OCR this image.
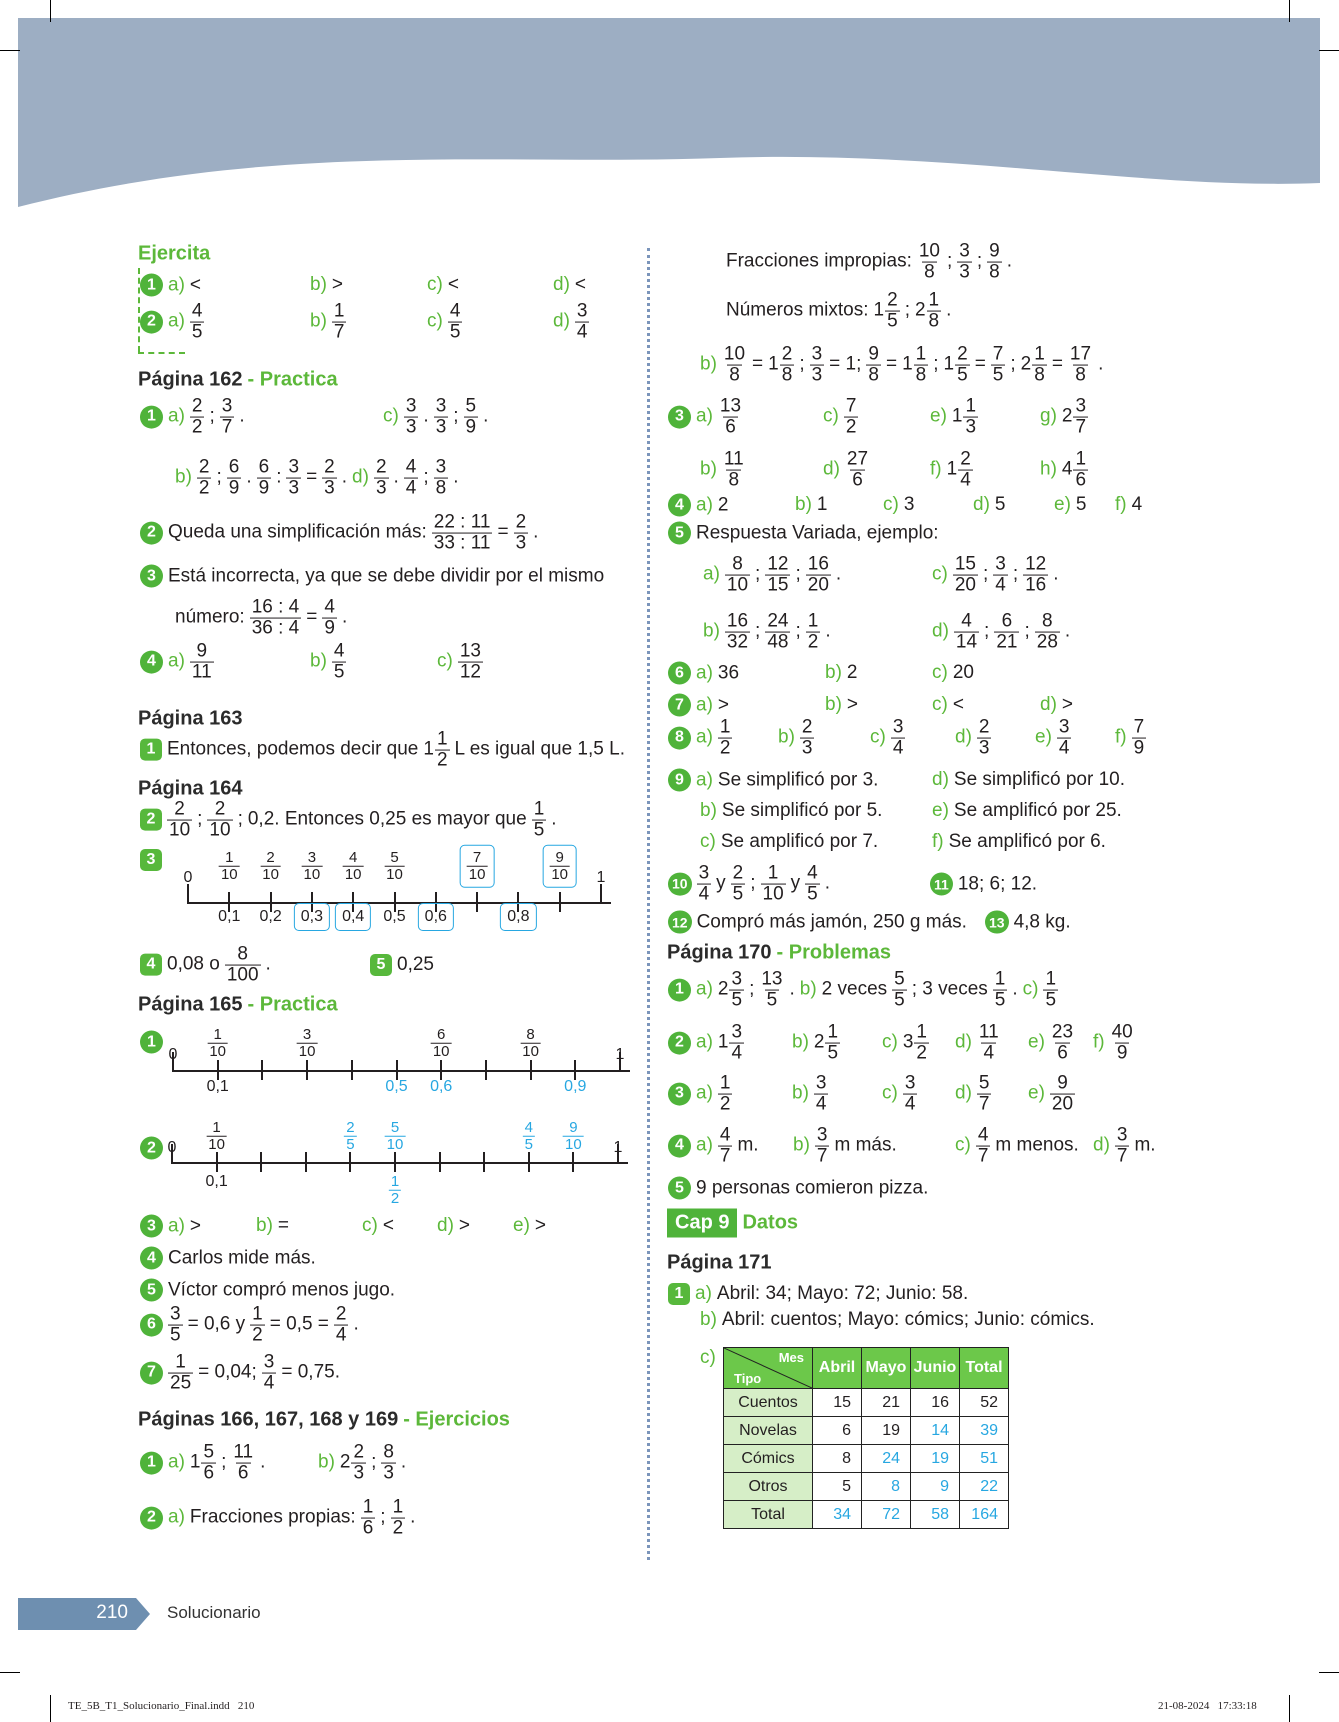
Ejercita
1 a) <	b) >	c) <	d) <
2 $a) \frac{4}{5}$	$b) \frac{1}{7}$	$c) \frac{4}{5}$	$d) \frac{3}{4}$
Página 162 - Practica
1 $a) \frac{2}{2}$ ; $\frac{3}{7}$ .	$c) \frac{3}{3}$ . $\frac{3}{3}$ ; $\frac{5}{9}$ .
$b) \frac{2}{2}$ ; $\frac{6}{9}$ . $\frac{6}{9}$ : $\frac{3}{3} = \frac{2}{3}$ . $d) \frac{2}{3}$ . $\frac{4}{4}$ ; $\frac{3}{8}$ .
2 Queda una simplificación más: $\frac{22 : 11}{33 : 11} = \frac{2}{3}$ .
3 Está incorrecta, ya que se debe dividir por el mismo
número: $\frac{16 : 4}{36 : 4} = \frac{4}{9}$ .
4 $a) \frac{9}{11}$	$b) \frac{4}{5}$	$c) \frac{13}{12}$
Página 163
1 Entonces, podemos decir que $1 \frac{1}{2}$ L es igual que 1,5 L.
Página 164
$2 \frac{2}{10}$ ; $\frac{2}{10}$ ; 0,2. Entonces 0,25 es mayor que $\frac{1}{5}$ .
3
4 0,08 o $\frac{8}{100}$ .	5 0,25
Página 165 - Practica
1
2
3 a) >	b) =	c) < d) > e) >
4 Carlos mide más.
5 Víctor compró menos jugo.
$6 \frac{3}{5} = 0,6$ y $\frac{1}{2} = 0,5 = \frac{2}{4}$ .
$7 \frac{1}{25} = 0,04$; $\frac{3}{4} = 0,75$.
Páginas 166, 167, 168 y 169 - Ejercicios
1 a) $1 \frac{5}{6}$ ; $\frac{11}{6}$ .	b) $2 \frac{2}{3}$ ; $\frac{8}{3}$ .
2 a) Fracciones propias: $\frac{1}{6}$ ; $\frac{1}{2}$ .
Fracciones impropias: $\frac{10}{8}$ ; $\frac{3}{3}$ ; $\frac{9}{8}$ .
Números mixtos: $1 \frac{2}{5}$ ; $2 \frac{1}{8}$ .
$b) \frac{10}{8} = 1 \frac{2}{8}$ ; $\frac{3}{3} = 1$; $\frac{9}{8} = 1 \frac{1}{8}$ ; $1 \frac{2}{5} = \frac{7}{5}$ ; $2 \frac{1}{8} = \frac{17}{8}$ .
3 $a) \frac{13}{6}$	$c) \frac{7}{2}$	e) $1 \frac{1}{3}$	g) $2 \frac{3}{7}$
$b) \frac{11}{8}$	$d) \frac{27}{6}$	f) $1 \frac{2}{4}$	h) $4 \frac{1}{6}$
4 a) 2	b) 1	c) 3	d) 5	e) 5 f) 4
5 Respuesta Variada, ejemplo:
$a) \frac{8}{10}$ ; $\frac{12}{15}$ ; $\frac{16}{20}$ .	$c) \frac{15}{20}$ ; $\frac{3}{4}$ ; $\frac{12}{16}$ .
$b) \frac{16}{32}$ ; $\frac{24}{48}$ ; $\frac{1}{2}$ .	$d) \frac{4}{14}$ ; $\frac{6}{21}$ ; $\frac{8}{28}$ .
6 a) 36	b) 2	c) 20
7 a) >	b) >	c) <	d) >
8 $a) \frac{1}{2} b) \frac{2}{3}$	$c) \frac{3}{4}$	$d) \frac{2}{3} e) \frac{3}{4} f) \frac{7}{9}$
9 a) Se simplificó por 3.	d) Se simplificó por 10.
b) Se simplificó por 5.	e) Se amplificó por 25.
c) Se amplificó por 7.	f) Se amplificó por 6.
$10 \frac{3}{4}$ y $\frac{2}{5}$ ; $\frac{1}{10}$ y $\frac{4}{5}$ .	11 18; 6; 12.
12 Compró más jamón, 250 g más. 13 4,8 kg.
Página 170 - Problemas
1 a) $2 \frac{3}{5}$ ; $\frac{13}{5}$ . b) 2 veces $\frac{5}{5}$ ; 3 veces $\frac{1}{5}$ . $c) \frac{1}{5}$
2 a) $1 \frac{3}{4}$	b) $2 \frac{1}{5} c$) $3 \frac{1}{2} d) \frac{11}{4} e) \frac{23}{6} f) \frac{40}{9}$
3 $a) \frac{1}{2}$	$b) \frac{3}{4}$	$c) \frac{3}{4} d) \frac{5}{7} e) \frac{9}{20}$
4 $a) \frac{4}{7} m$. $b) \frac{3}{7}$ m más.	$c) \frac{4}{7}$ m menos. $d) \frac{3}{7} m$.
5 9 personas comieron pizza.
Cap 9 Datos
Página 171
1 a) Abril: 34; Mayo: 72; Junio: 58.
b) Abril: cuentos; Mayo: cómics; Junio: cómics.
c)
$0 \frac{1}{10} \frac{2}{10} \frac{3}{10} \frac{4}{10} \frac{5}{10}$	$\frac{7}{10}$	$\frac{9}{10} 1$
0,1 0,2	0,3	0,4	0,5	0,6	0,8
$0 \frac{1}{10}$	$\frac{3}{10}$	$\frac{6}{10}$	$\frac{8}{10}$	1
0,1	0,5 0,6	0,9
$0 \frac{1}{10}$	$\frac{2}{5} \frac{5}{10}$	$\frac{4}{5} \frac{9}{10} 1$
0,1	$\frac{1}{2}$
Mes
Tipo	Abril	Mayo	Junio	Total
Cuentos	15	21	16	52
Novelas	6	19	14	39
Cómics	8	24	19	51
Otros	5	8	9	22
Total	34	72	58	164
210 Solucionario
TE_5B_T1_Solucionario_Final.indd   210	21-08-2024   17:33:18
